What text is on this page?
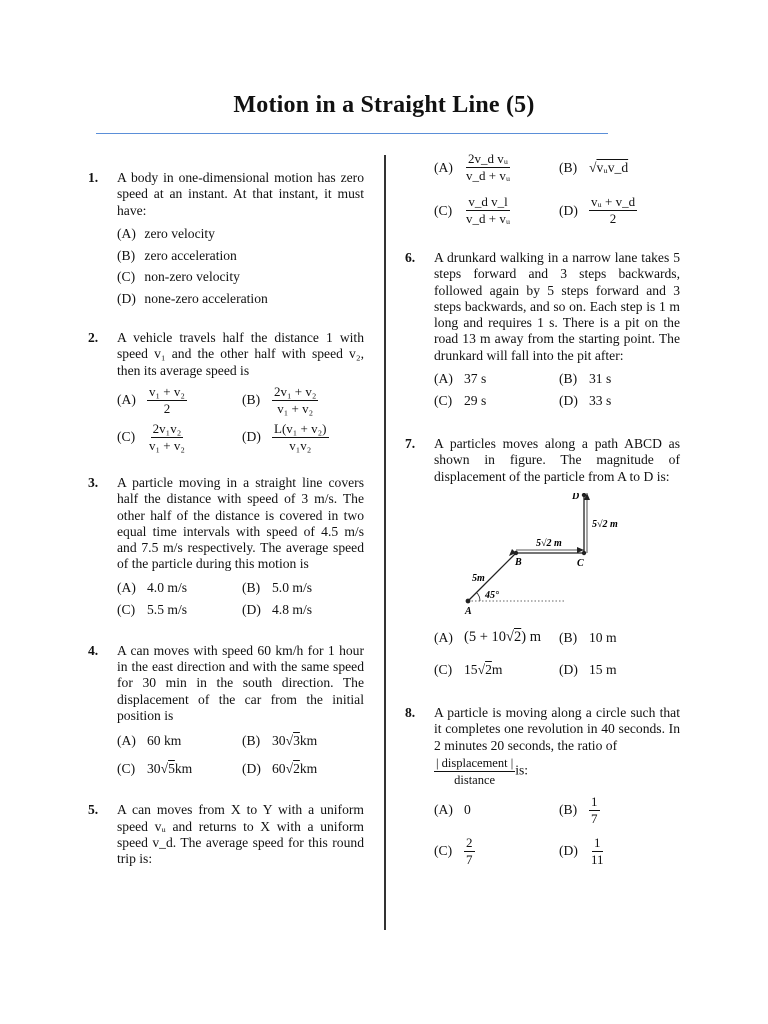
Motion in a Straight Line (5)
1. A body in one-dimensional motion has zero speed at an instant. At that instant, it must have:
(A) zero velocity
(B) zero acceleration
(C) non-zero velocity
(D) none-zero acceleration
2. A vehicle travels half the distance 1 with speed v₁ and the other half with speed v₂, then its average speed is
$(A) \frac{\text{v₁ + v₂}}{2}$	$(B) \frac{\text{2v₁ + v₂}}{\text{v₁ + v₂}}$
$(C) \frac{\text{2v₁v₂}}{\text{v₁ + v₂}}$	$(D) \frac{\text{L(v₁ + v₂)}}{\text{v₁v₂}}$
3. A particle moving in a straight line covers half the distance with speed of 3 m/s. The other half of the distance is covered in two equal time intervals with speed of 4.5 m/s and 7.5 m/s respectively. The average speed of the particle during this motion is
(A) 4.0 m/s	(B) 5.0 m/s
(C) 5.5 m/s	(D) 4.8 m/s
4. A can moves with speed 60 km/h for 1 hour in the east direction and with the same speed for 30 min in the south direction. The displacement of the car from the initial position is
(A) 60 km	(B) 30√3km
(C) 30√5km	(D) 60√2km
5. A can moves from X to Y with a uniform speed vᵤ and returns to X with a uniform speed v_d. The average speed for this round trip is:
$(A) \frac{\text{2v\_d vᵤ}}{\text{v\_d + vᵤ}}$	(B) √vᵤv_d
$(C) \frac{\text{v\_d v\_l}}{\text{v\_d + vᵤ}}$	$(D) \frac{\text{vᵤ + v\_d}}{2}$
6. A drunkard walking in a narrow lane takes 5 steps forward and 3 steps backwards, followed again by 5 steps forward and 3 steps backwards, and so on. Each step is 1 m long and requires 1 s. There is a pit on the road 13 m away from the starting point. The drunkard will fall into the pit after:
(A) 37 s	(B) 31 s
(C) 29 s	(D) 33 s
7. A particles moves along a path ABCD as shown in figure. The magnitude of displacement of the particle from A to D is:
A
B	C
D
5m
5√2 m
5√2 m
45°
(A) (5 + 10√2) m (B) 10 m
(C) 15√2m	(D) 15 m
8. A particle is moving along a circle such that it completes one revolution in 40 seconds. In 2 minutes 20 seconds, the ratio of
$\frac{\text{| displacement |}}{\text{distance}}$ is:
(A) 0	$(B) \frac{1}{7}$
$(C) \frac{2}{7}$	$(D) \frac{1}{11}$
